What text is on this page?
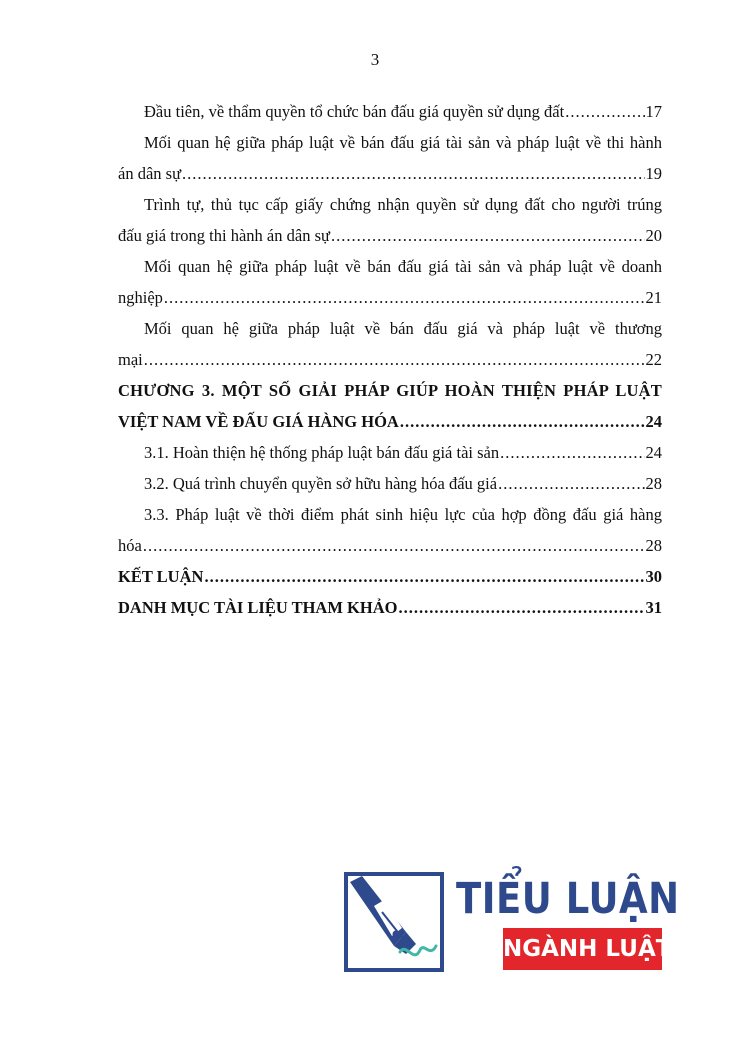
3
Đầu tiên, về thẩm quyền tổ chức bán đấu giá quyền sử dụng đất .....	17
Mối quan hệ giữa pháp luật về bán đấu giá tài sản và pháp luật về thi hành
án dân sự .....	19
Trình tự, thủ tục cấp giấy chứng nhận quyền sử dụng đất cho người trúng
đấu giá trong thi hành án dân sự .....	20
Mối quan hệ giữa pháp luật về bán đấu giá tài sản và pháp luật về doanh
nghiệp .....	21
Mối quan hệ giữa pháp luật về bán đấu giá và pháp luật về thương
mại .....	22
CHƯƠNG 3. MỘT SỐ GIẢI PHÁP GIÚP HOÀN THIỆN PHÁP LUẬT
VIỆT NAM VỀ ĐẤU GIÁ HÀNG HÓA .....	24
3.1. Hoàn thiện hệ thống pháp luật bán đấu giá tài sản .....	24
3.2. Quá trình chuyển quyền sở hữu hàng hóa đấu giá .....	28
3.3. Pháp luật về thời điểm phát sinh hiệu lực của hợp đồng đấu giá hàng
hóa .....	28
KẾT LUẬN .....	30
DANH MỤC TÀI LIỆU THAM KHẢO .....	31
TIỂU LUẬN
NGÀNH LUẬT
